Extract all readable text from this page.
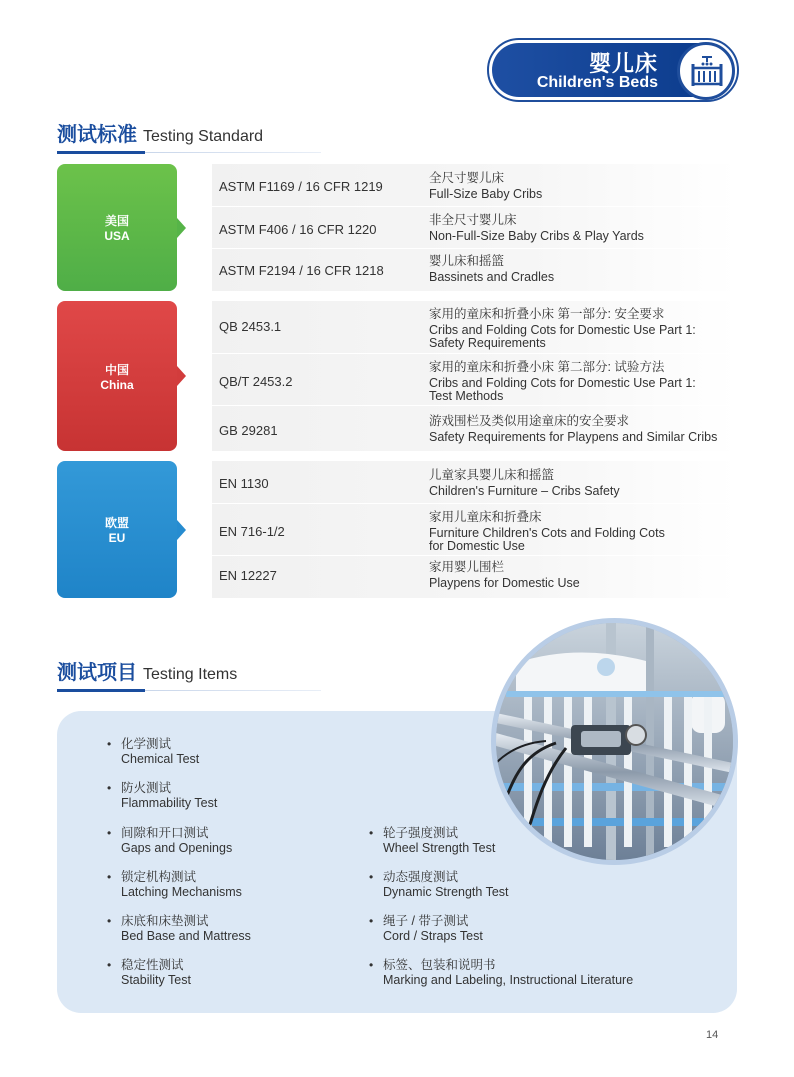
婴儿床
Children's Beds
测试标准 Testing Standard
美国
USA
ASTM F1169 / 16 CFR 1219
全尺寸婴儿床
Full-Size Baby Cribs
ASTM F406 / 16 CFR 1220
非全尺寸婴儿床
Non-Full-Size Baby Cribs & Play Yards
ASTM F2194 / 16 CFR 1218
婴儿床和摇篮
Bassinets and Cradles
中国
China
QB 2453.1
家用的童床和折叠小床 第一部分: 安全要求
Cribs and Folding Cots for Domestic Use Part 1:
Safety Requirements
QB/T 2453.2
家用的童床和折叠小床 第二部分: 试验方法
Cribs and Folding Cots for Domestic Use Part 1:
Test Methods
GB 29281
游戏围栏及类似用途童床的安全要求
Safety Requirements for Playpens and Similar Cribs
欧盟
EU
EN 1130
儿童家具婴儿床和摇篮
Children's Furniture – Cribs Safety
EN 716-1/2
家用儿童床和折叠床
Furniture Children's Cots and Folding Cots
for Domestic Use
EN 12227
家用婴儿围栏
Playpens for Domestic Use
测试项目 Testing Items
• 化学测试
Chemical Test
• 防火测试
Flammability Test
• 间隙和开口测试
Gaps and Openings
• 锁定机构测试
Latching Mechanisms
• 床底和床垫测试
Bed Base and Mattress
• 稳定性测试
Stability Test
• 轮子强度测试
Wheel Strength Test
• 动态强度测试
Dynamic Strength Test
• 绳子 / 带子测试
Cord / Straps Test
• 标签、包装和说明书
Marking and Labeling, Instructional Literature
14
